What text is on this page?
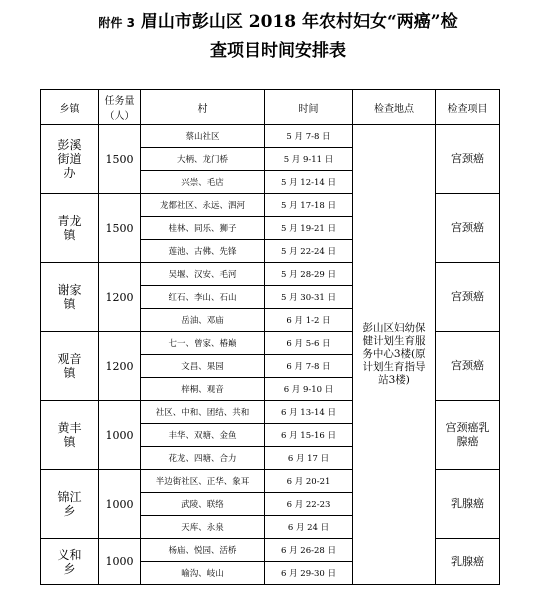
附件 3 眉山市彭山区 2018 年农村妇女“两癌”检
查项目时间安排表
乡镇	任务量（人）	村	时间	检查地点	检查项目
彭溪街道办	1500	蔡山社区	5 月 7-8 日	彭山区妇幼保健计划生育服务中心3楼(原计划生育指导站3楼)	宫颈癌
		大柄、龙门桥	5 月 9-11 日		
		兴崇、毛店	5 月 12-14 日		
青龙镇	1500	龙都社区、永远、泗河	5 月 17-18 日		宫颈癌
		桂林、同乐、狮子	5 月 19-21 日		
		莲池、古佛、先锋	5 月 22-24 日		
谢家镇	1200	吴堰、汉安、毛河	5 月 28-29 日		宫颈癌
		红石、李山、石山	5 月 30-31 日		
		岳油、邓庙	6 月 1-2 日		
观音镇	1200	七一、曾家、椿巅	6 月 5-6 日		宫颈癌
		文昌、果园	6 月 7-8 日		
		梓桐、观音	6 月 9-10 日		
黄丰镇	1000	社区、中和、团结、共和	6 月 13-14 日		宫颈癌乳腺癌
		丰华、双塘、金鱼	6 月 15-16 日		
		花龙、四塘、合力	6 月 17 日		
锦江乡	1000	半边街社区、正华、象耳	6 月 20-21		乳腺癌
		武陵、联络	6 月 22-23		
		天库、永泉	6 月 24 日		
义和乡	1000	杨庙、悦园、活桥	6 月 26-28 日		乳腺癌
		喻沟、岐山	6 月 29-30 日		
